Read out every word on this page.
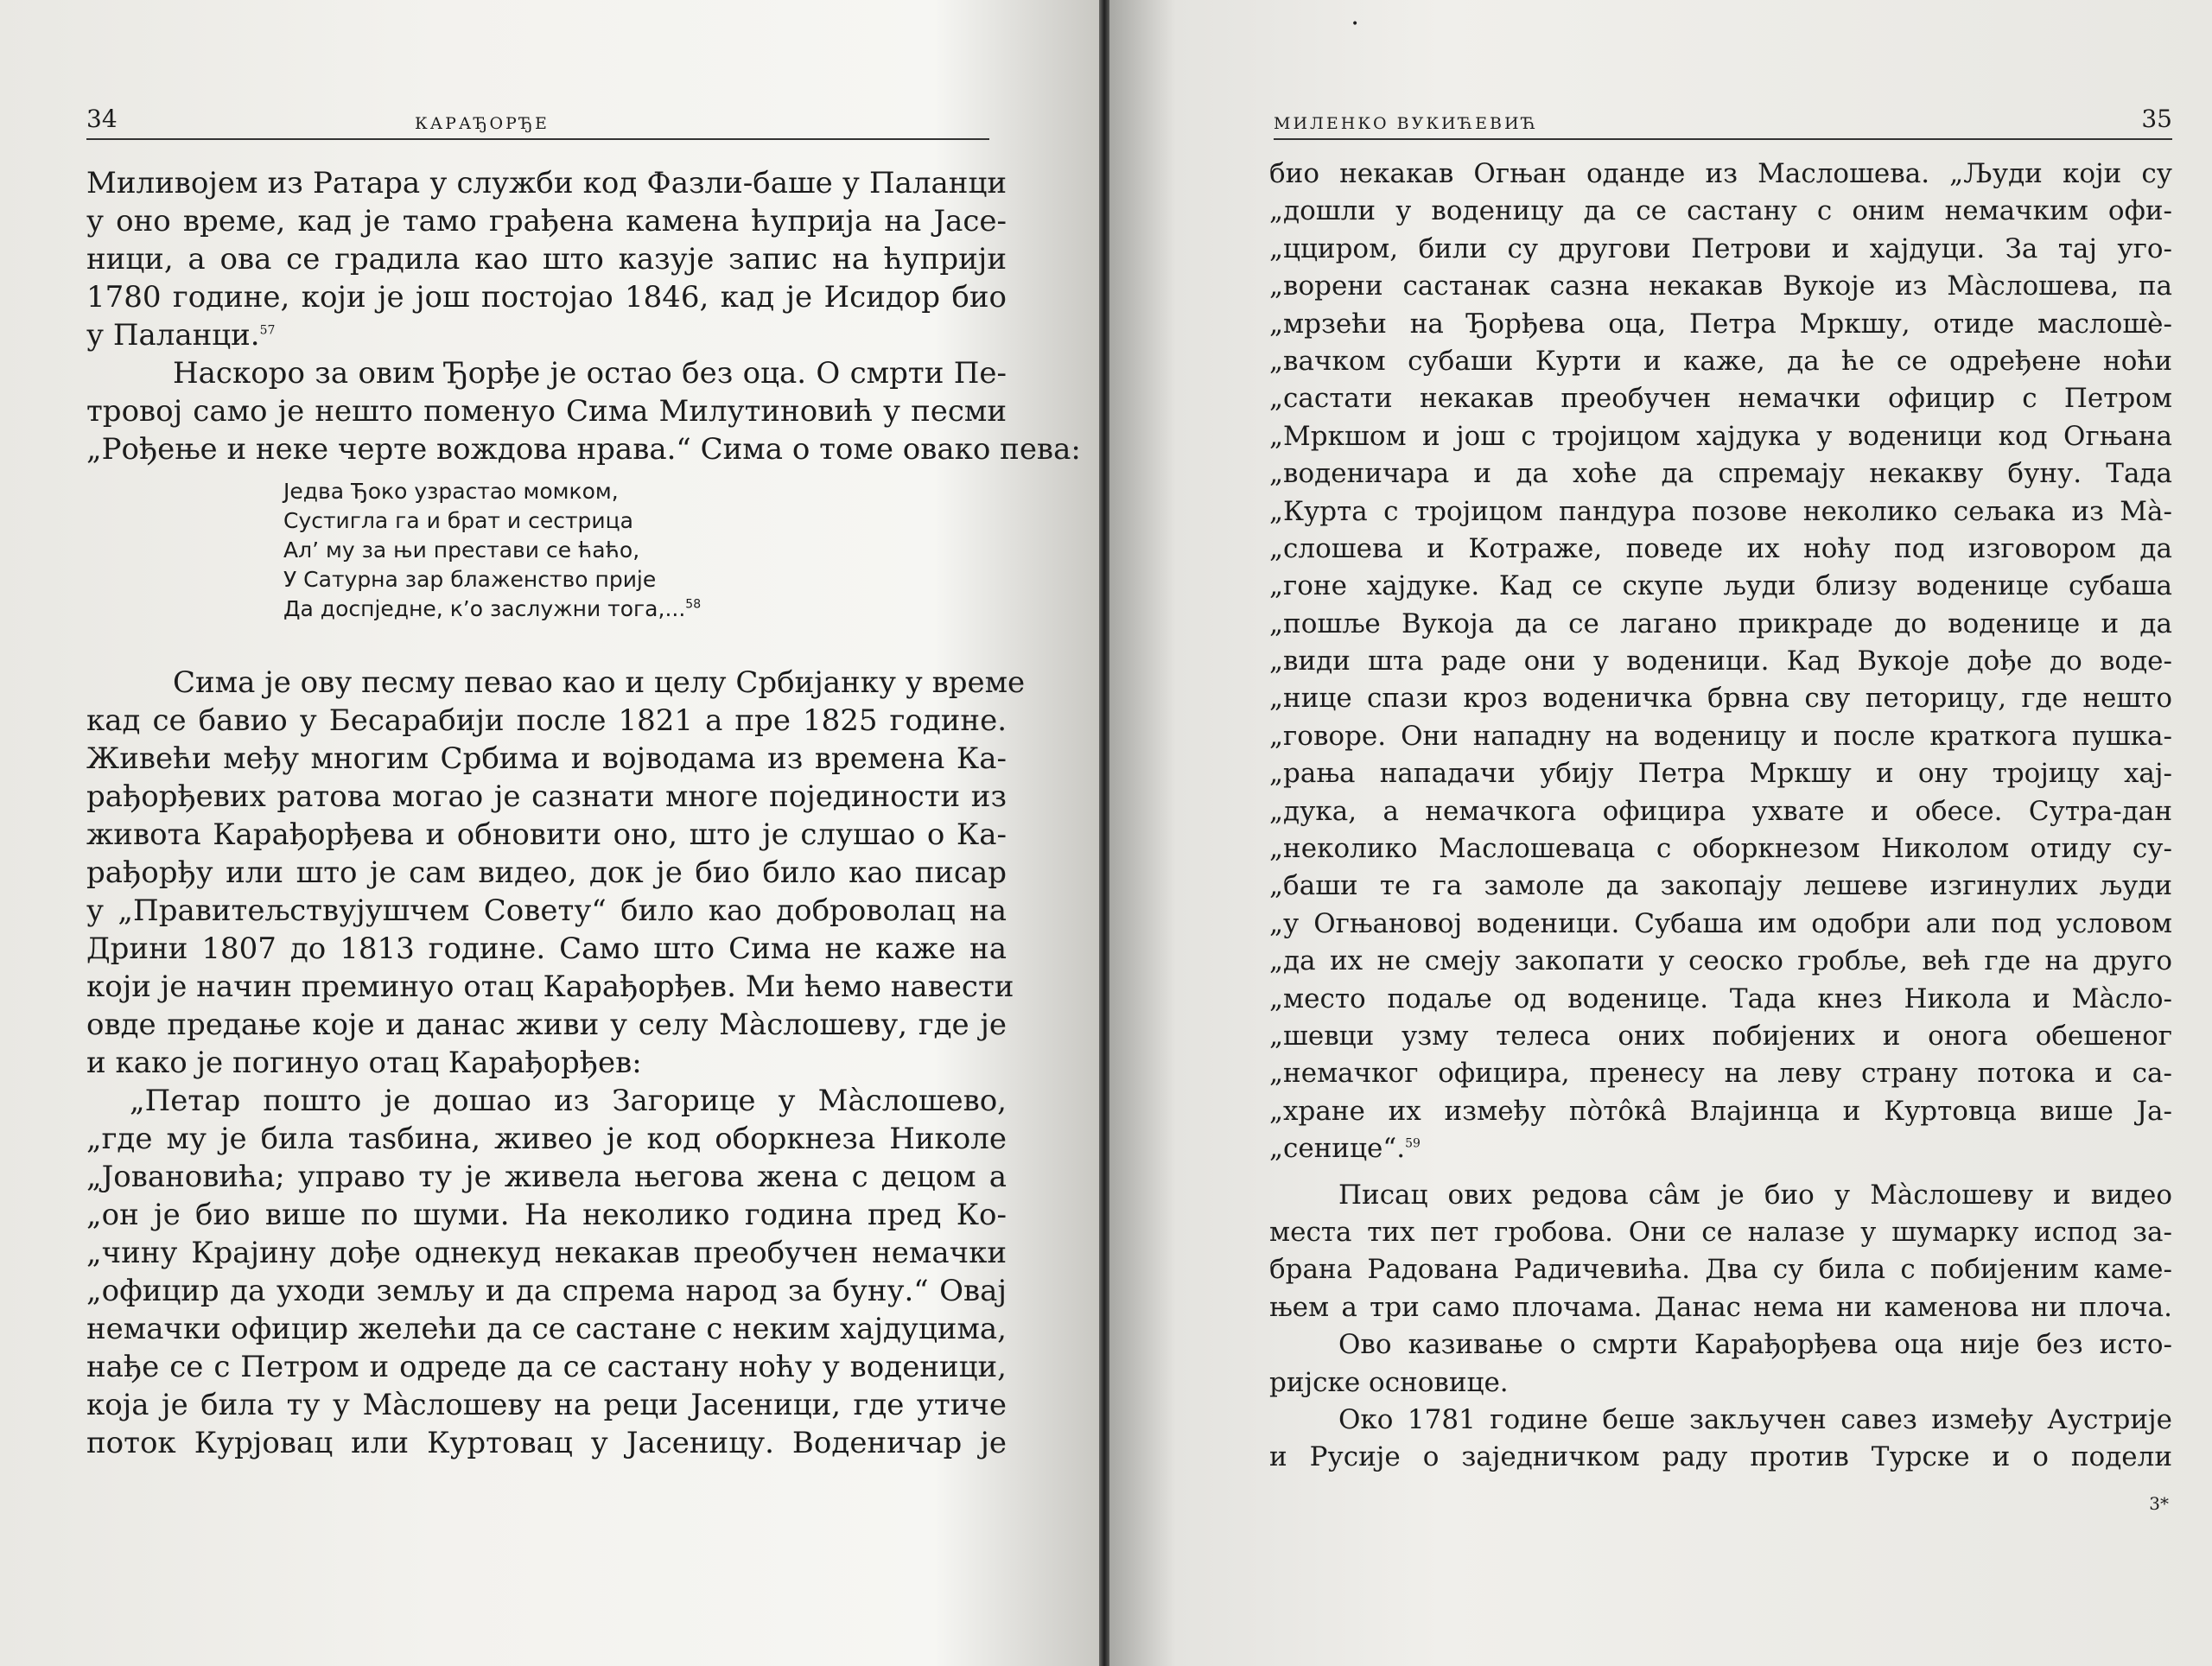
34	КАРАЂОРЂЕ
Миливојем из Ратара у служби код Фазли-баше у Паланци
у оно време, кад је тамо грађена камена ћуприја на Јасе-
ници, а ова се градила као што казује запис на ћуприји
1780 године, који је још постојао 1846, кад је Исидор био
у Паланци.$^{57}$
Наскоро за овим Ђорђе је остао без оца. О смрти Пе-
тровој само је нешто поменуо Сима Милутиновић у песми
„Рођење и неке черте вождова нрава.“ Сима о томе овако пева:
Једва Ђоко узрастао момком,
Сустигла га и брат и сестрица
Ал’ му за њи престави се ћаћо,
У Сатурна зар блаженство прије
Да доспједне, к’о заслужни тога,...$^{58}$
Сима је ову песму певао као и целу Србијанку у време
кад се бавио у Бесарабији после 1821 а пре 1825 године.
Живећи међу многим Србима и војводама из времена Ка-
рађорђевих ратова могао је сазнати многе појединости из
живота Карађорђева и обновити оно, што је слушао о Ка-
рађорђу или што је сам видео, док је био било као писар
у „Правитељствујушчем Совету“ било као доброволац на
Дрини 1807 до 1813 године. Само што Сима не каже на
који је начин преминуо отац Карађорђев. Ми ћемо навести
овде предање које и данас живи у селу Màслошеву, где је
и како је погинуо отац Карађорђев:
„Петар пошто је дошао из Загорице у Màслошево,
„где му је била таѕбина, живео је код оборкнеза Николе
„Јовановића; управо ту је живела његова жена с децом а
„он је био више по шуми. На неколико година пред Ко-
„чину Крајину дође однекуд некакав преобучен немачки
„официр да уходи земљу и да спрема народ за буну.“ Овај
немачки официр желећи да се састане с неким хајдуцима,
нађе се с Петром и одреде да се састану ноћу у воденици,
која је била ту у Màслошеву на реци Јасеници, где утиче
поток Курјовац или Куртовац у Јасеницу. Воденичар је
•
МИЛЕНКО ВУКИЋЕВИЋ	35
био некакав Огњан оданде из Маслошева. „Људи који су
„дошли у воденицу да се састану с оним немачким офи-
„цциром, били су другови Петрови и хајдуци. За тај уго-
„ворени састанак сазна некакав Вукоје из Màслошева, па
„мрзећи на Ђорђева оца, Петра Мркшу, отиде маслошè-
„вачком субаши Курти и каже, да ће се одређене ноћи
„састати некакав преобучен немачки официр с Петром
„Мркшом и још с тројицом хајдука у воденици код Огњана
„воденичара и да хоће да спремају некакву буну. Тада
„Курта с тројицом пандура позове неколико сељака из Мà-
„слошева и Котраже, поведе их ноћу под изговором да
„гоне хајдуке. Кад се скупе људи близу воденице субаша
„пошље Вукоја да се лагано прикраде до воденице и да
„види шта раде они у воденици. Кад Вукоје дође до воде-
„нице спази кроз воденичка брвна сву петорицу, где нешто
„говоре. Они нападну на воденицу и после краткога пушка-
„рања нападачи убију Петра Мркшу и ону тројицу хај-
„дука, а немачкога официра ухвате и обесе. Сутра-дан
„неколико Маслошеваца с оборкнезом Николом отиду су-
„баши те га замоле да закопају лешеве изгинулих људи
„у Огњановој воденици. Субаша им одобри али под условом
„да их не смеју закопати у сеоско гробље, већ где на друго
„место подаље од воденице. Тада кнез Никола и Màсло-
„шевци узму телеса оних побијених и онога обешеног
„немачког официра, пренесу на леву страну потока и са-
„хране их између пòтôкâ Влајинца и Куртовца више Ја-
„сенице“.$^{59}$
Писац ових редова сâм је био у Màслошеву и видео
места тих пет гробова. Они се налазе у шумарку испод за-
брана Радована Радичевића. Два су била с побијеним каме-
њем а три само плочама. Данас нема ни каменова ни плоча.
Ово казивање о смрти Карађорђева оца није без исто-
ријске основице.
Око 1781 године беше закључен савез између Аустрије
и Русије о заједничком раду против Турске и о подели
3*
